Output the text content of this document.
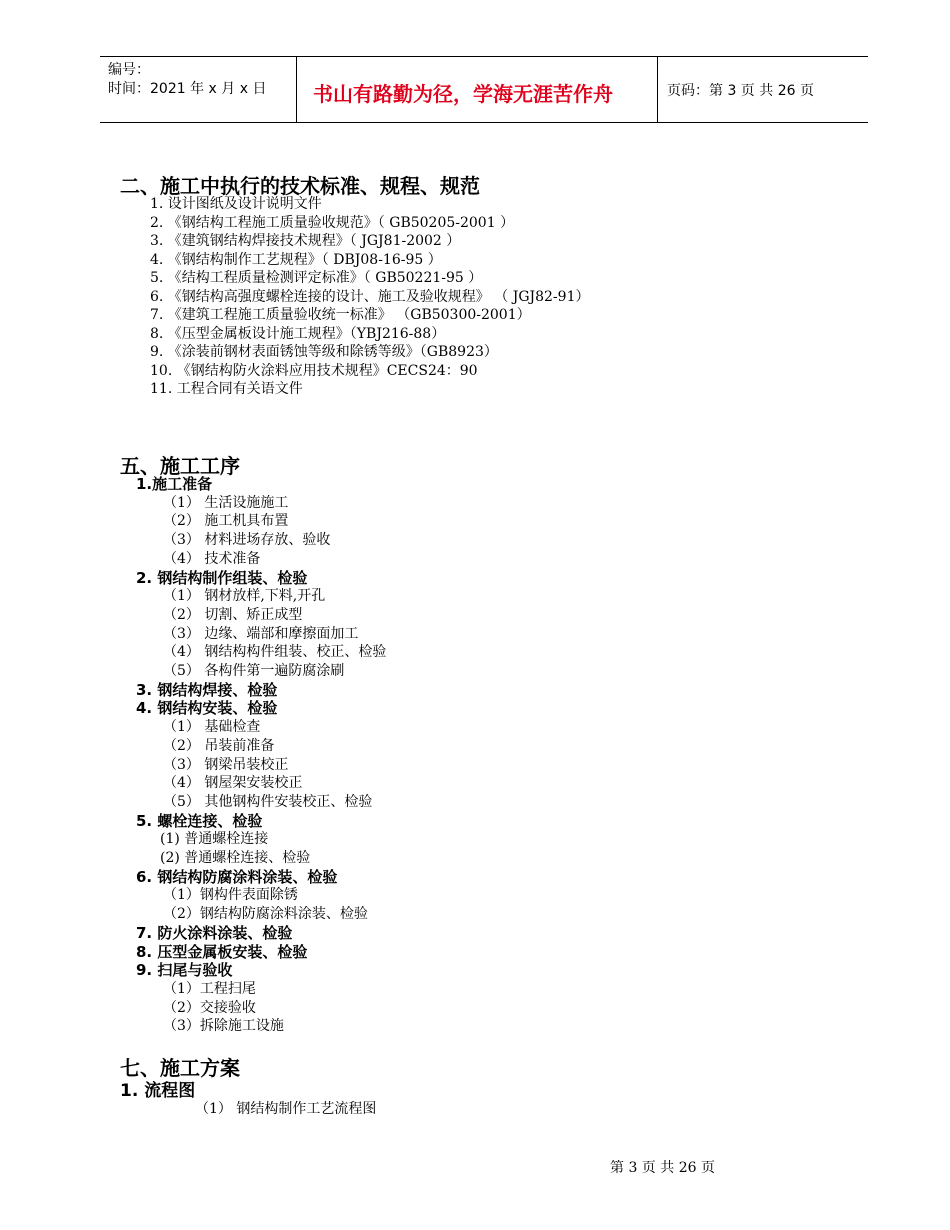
编号：
时间：2021 年 x 月 x 日 书山有路勤为径，学海无涯苦作舟	页码：第 3 页 共 26 页
二、施工中执行的技术标准、规程、规范
1. 设计图纸及设计说明文件
2. 《钢结构工程施工质量验收规范》（ GB50205-2001 ）
3. 《建筑钢结构焊接技术规程》（ JGJ81-2002 ）
4. 《钢结构制作工艺规程》（ DBJ08-16-95 ）
5. 《结构工程质量检测评定标准》（ GB50221-95 ）
6. 《钢结构高强度螺栓连接的设计、施工及验收规程》 （ JGJ82-91）
7. 《建筑工程施工质量验收统一标准》 （GB50300-2001）
8. 《压型金属板设计施工规程》（YBJ216-88）
9. 《涂装前钢材表面锈蚀等级和除锈等级》（GB8923）
10. 《钢结构防火涂料应用技术规程》CECS24：90
11. 工程合同有关语文件
五、施工工序
1.施工准备
（1） 生活设施施工
（2） 施工机具布置
（3） 材料进场存放、验收
（4） 技术准备
2. 钢结构制作组装、检验
（1） 钢材放样,下料,开孔
（2） 切割、矫正成型
（3） 边缘、端部和摩擦面加工
（4） 钢结构构件组装、校正、检验
（5） 各构件第一遍防腐涂刷
3. 钢结构焊接、检验
4. 钢结构安装、检验
（1） 基础检查
（2） 吊装前准备
（3） 钢梁吊装校正
（4） 钢屋架安装校正
（5） 其他钢构件安装校正、检验
5. 螺栓连接、检验
(1) 普通螺栓连接
(2) 普通螺栓连接、检验
6. 钢结构防腐涂料涂装、检验
（1）钢构件表面除锈
（2）钢结构防腐涂料涂装、检验
7. 防火涂料涂装、检验
8. 压型金属板安装、检验
9. 扫尾与验收
（1）工程扫尾
（2）交接验收
（3）拆除施工设施
七、施工方案
1. 流程图
（1） 钢结构制作工艺流程图
第 3 页 共 26 页
